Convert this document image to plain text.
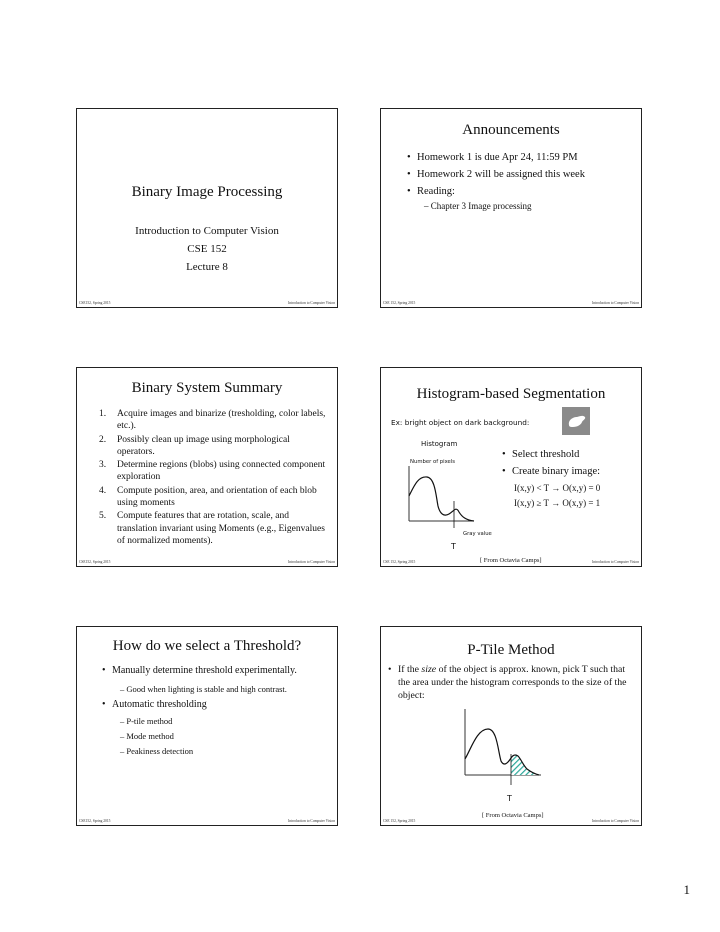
Binary Image Processing
Introduction to Computer Vision
CSE 152
Lecture 8
CSE152, Spring 2015	Introduction to Computer Vision
Announcements
• Homework 1 is due Apr 24, 11:59 PM
• Homework 2 will be assigned this week
• Reading:
– Chapter 3 Image processing
CSE 152, Spring 2015	Introduction to Computer Vision
Binary System Summary
1. Acquire images and binarize (tresholding, color labels, etc.).
2. Possibly clean up image using morphological operators.
3. Determine regions (blobs) using connected component exploration
4. Compute position, area, and orientation of each blob using moments
5. Compute features that are rotation, scale, and translation invariant using Moments (e.g., Eigenvalues of normalized moments).
CSE152, Spring 2015	Introduction to Computer Vision
Histogram-based Segmentation
Ex: bright object on dark background:
Histogram
Number of pixels
Gray value
T
• Select threshold
• Create binary image:
I(x,y) < T → O(x,y) = 0
I(x,y) ≥ T → O(x,y) = 1
[ From Octavia Camps]
CSE 152, Spring 2015	Introduction to Computer Vision
How do we select a Threshold?
• Manually determine threshold experimentally.
– Good when lighting is stable and high contrast.
• Automatic thresholding
– P-tile method
– Mode method
– Peakiness detection
CSE152, Spring 2015	Introduction to Computer Vision
P-Tile Method
• If the size of the object is approx. known, pick T such that the area under the histogram corresponds to the size of the object:
T
[ From Octavia Camps]
CSE 152, Spring 2015	Introduction to Computer Vision
1
